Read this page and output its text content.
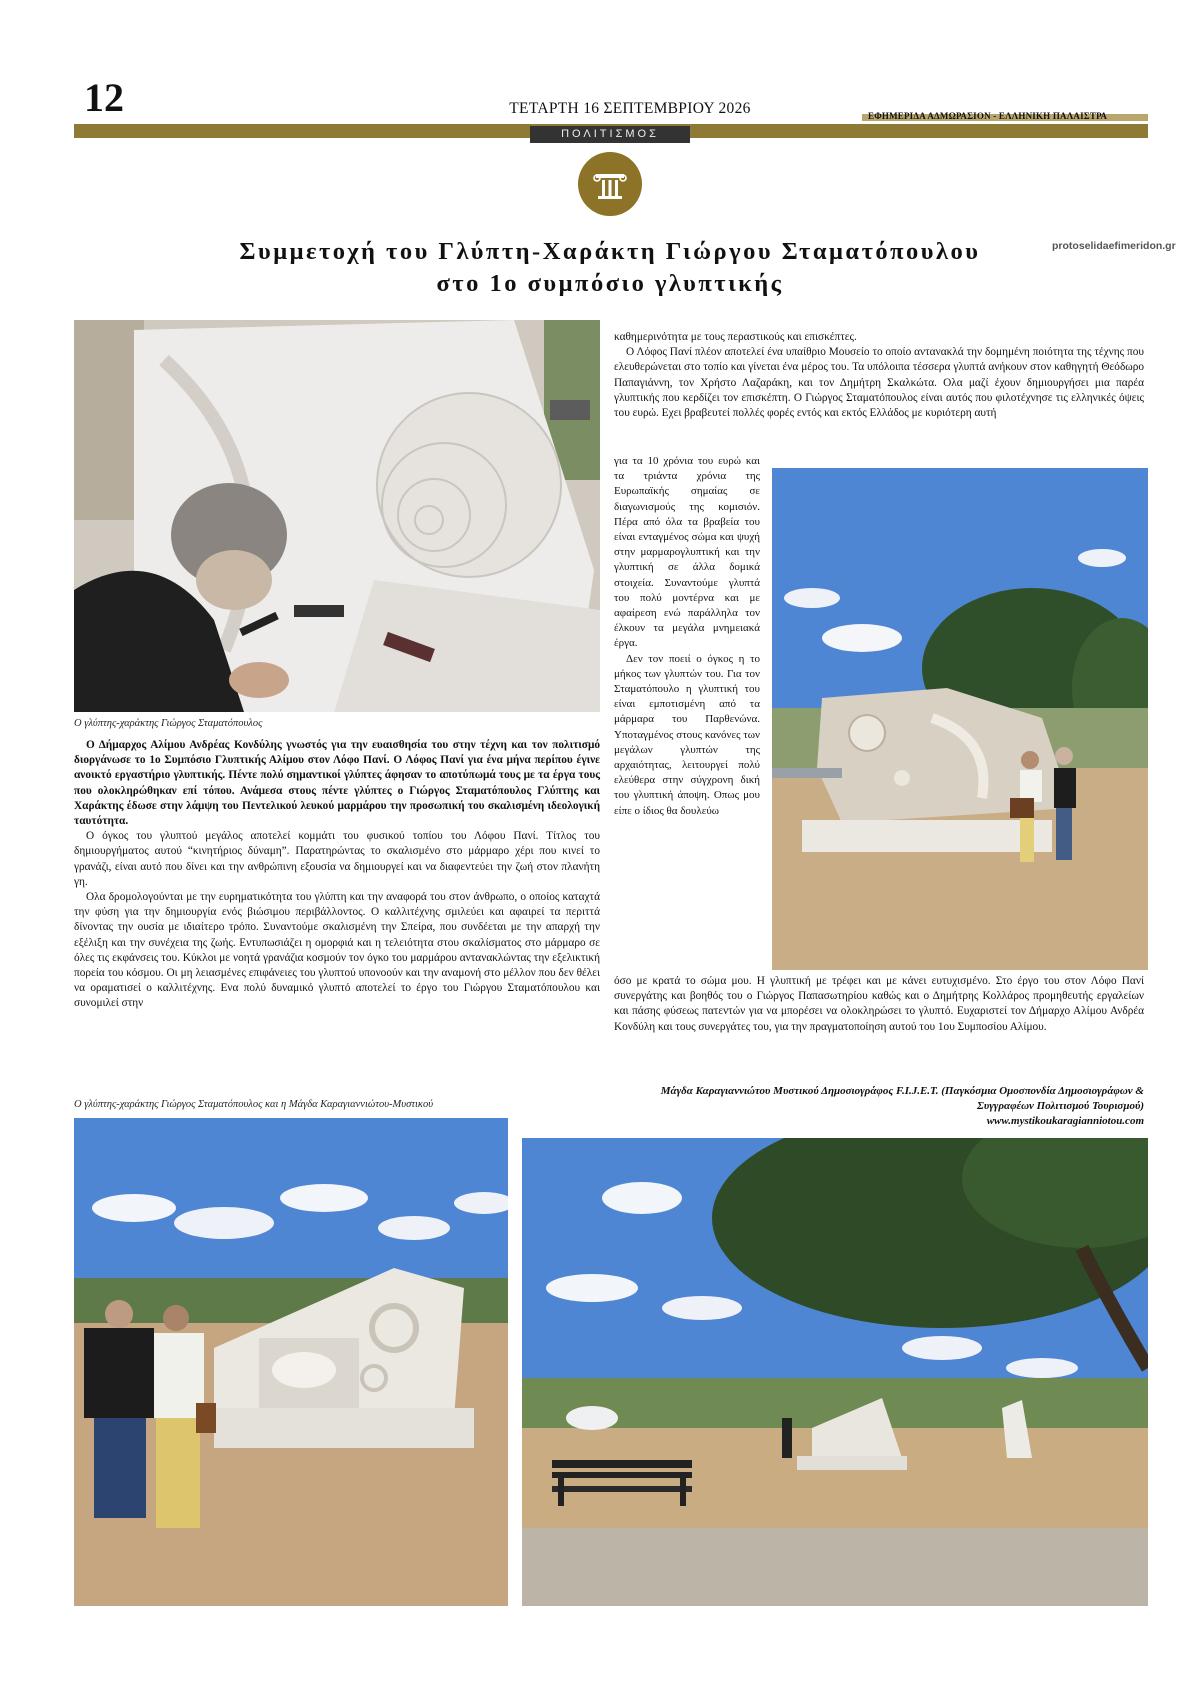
12	ΤΕΤΑΡΤΗ 16 ΣΕΠΤΕΜΒΡΙΟΥ 2026	ΕΦΗΜΕΡΙΔΑ ΑΔΜΩΡΑΣΙΟΝ - ΕΛΛΗΝΙΚΗ ΠΑΛΑΙΣΤΡΑ
ΠΟΛΙΤΙΣΜΟΣ
Συμμετοχή του Γλύπτη-Χαράκτη Γιώργου Σταματόπουλου
στο 1ο συμπόσιο γλυπτικής
protoselidaefimeridon.gr
Ο γλύπτης-χαράκτης Γιώργος Σταματόπουλος

Ο Δήμαρχος Αλίμου Ανδρέας Κονδύλης γνωστός για την ευαισθησία του στην τέχνη και τον πολιτισμό διοργάνωσε το 1ο Συμπόσιο Γλυπτικής Αλίμου στον Λόφο Πανί. Ο Λόφος Πανί για ένα μήνα περίπου έγινε ανοικτό εργαστήριο γλυπτικής. Πέντε πολύ σημαντικοί γλύπτες άφησαν το αποτύπωμά τους με τα έργα τους που ολοκληρώθηκαν επί τόπου. Ανάμεσα στους πέντε γλύπτες ο Γιώργος Σταματόπουλος Γλύπτης και Χαράκτης έδωσε στην λάμψη του Πεντελικού λευκού μαρμάρου την προσωπική του σκαλισμένη ιδεολογική ταυτότητα.

Ο όγκος του γλυπτού μεγάλος αποτελεί κομμάτι του φυσικού τοπίου του Λόφου Πανί. Τίτλος του δημιουργήματος αυτού “κινητήριος δύναμη”. Παρατηρώντας το σκαλισμένο στο μάρμαρο χέρι που κινεί το γρανάζι, είναι αυτό που δίνει και την ανθρώπινη εξουσία να δημιουργεί και να διαφεντεύει την ζωή στον πλανήτη γη.

Ολα δρομολογούνται με την ευρηματικότητα του γλύπτη και την αναφορά του στον άνθρωπο, ο οποίος καταχτά την φύση για την δημιουργία ενός βιώσιμου περιβάλλοντος. Ο καλλιτέχνης σμιλεύει και αφαιρεί τα περιττά δίνοντας την ουσία με ιδιαίτερο τρόπο. Συναντούμε σκαλισμένη την Σπείρα, που συνδέεται με την απαρχή την εξέλιξη και την συνέχεια της ζωής. Εντυπωσιάζει η ομορφιά και η τελειότητα στου σκαλίσματος στο μάρμαρο σε όλες τις εκφάνσεις του. Κύκλοι με νοητά γρανάζια κοσμούν τον όγκο του μαρμάρου αντανακλώντας την εξελικτική πορεία του κόσμου. Οι μη λειασμένες επιφάνειες του γλυπτού υπονοούν και την αναμονή στο μέλλον που δεν θέλει να οραματισεί ο καλλιτέχνης. Ενα πολύ δυναμικό γλυπτό αποτελεί το έργο του Γιώργου Σταματόπουλου και συνομιλεί στην

καθημερινότητα με τους περαστικούς και επισκέπτες.

Ο Λόφος Πανί πλέον αποτελεί ένα υπαίθριο Μουσείο το οποίο αντανακλά την δομημένη ποιότητα της τέχνης που ελευθερώνεται στο τοπίο και γίνεται ένα μέρος του. Τα υπόλοιπα τέσσερα γλυπτά ανήκουν στον καθηγητή Θεόδωρο Παπαγιάννη, τον Χρήστο Λαζαράκη, και τον Δημήτρη Σκαλκώτα. Ολα μαζί έχουν δημιουργήσει μια παρέα γλυπτικής που κερδίζει τον επισκέπτη. Ο Γιώργος Σταματόπουλος είναι αυτός που φιλοτέχνησε τις ελληνικές όψεις του ευρώ. Εχει βραβευτεί πολλές φορές εντός και εκτός Ελλάδος με κυριότερη αυτή

για τα 10 χρόνια του ευρώ και τα τριάντα χρόνια της Ευρωπαϊκής σημαίας σε διαγωνισμούς της κομισιόν. Πέρα από όλα τα βραβεία του είναι ενταγμένος σώμα και ψυχή στην μαρμαρογλυπτική και την γλυπτική σε άλλα δομικά στοιχεία. Συναντούμε γλυπτά του πολύ μοντέρνα και με αφαίρεση ενώ παράλληλα τον έλκουν τα μεγάλα μνημειακά έργα.

Δεν τον ποειί ο όγκος η το μήκος των γλυπτών του. Για τον Σταματόπουλο η γλυπτική του είναι εμποτισμένη από τα μάρμαρα του Παρθενώνα. Υποταγμένος στους κανόνες των μεγάλων γλυπτών της αρχαιότητας, λειτουργεί πολύ ελεύθερα στην σύγχρονη δική του γλυπτική άποψη. Οπως μου είπε ο ίδιος θα δουλεύω

όσο με κρατά το σώμα μου. Η γλυπτική με τρέφει και με κάνει ευτυχισμένο. Στο έργο του στον Λόφο Πανί συνεργάτης και βοηθός του ο Γιώργος Παπασωτηρίου καθώς και ο Δημήτρης Κολλάρος προμηθευτής εργαλείων και πάσης φύσεως πατεντών για να μπορέσει να ολοκληρώσει το γλυπτό. Ευχαριστεί τον Δήμαρχο Αλίμου Ανδρέα Κονδύλη και τους συνεργάτες του, για την πραγματοποίηση αυτού του 1ου Συμποσίου Αλίμου.

Μάγδα Καραγιαννιώτου Μυστικού Δημοσιογράφος F.I.J.E.T. (Παγκόσμια Ομοσπονδία Δημοσιογράφων & Συγγραφέων Πολιτισμού Τουρισμού)
www.mystikoukaragianniotou.com
Ο γλύπτης-χαράκτης Γιώργος Σταματόπουλος και η Μάγδα Καραγιαννιώτου-Μυστικού
